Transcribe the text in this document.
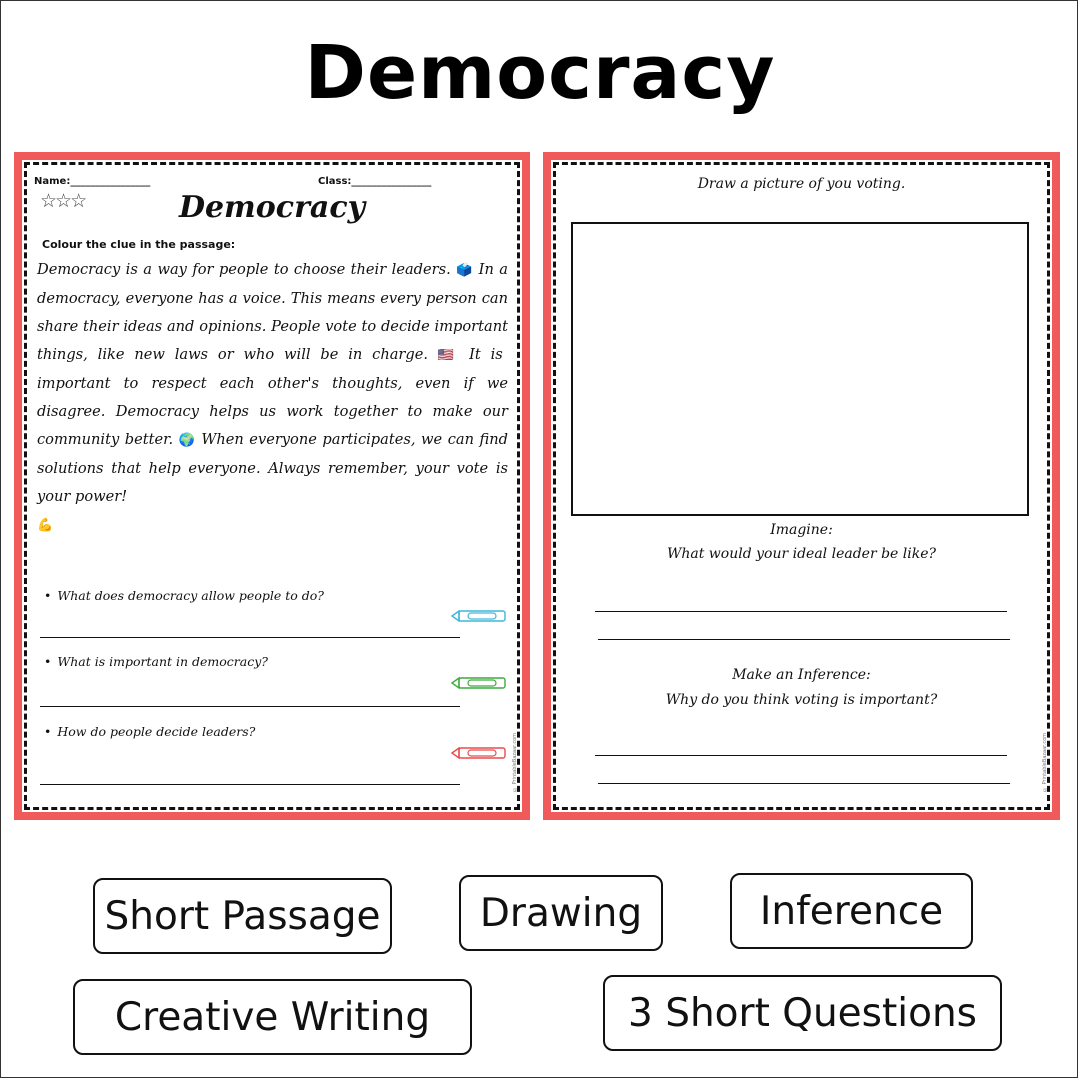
Democracy
Name:________________	Class:________________
☆☆☆	Democracy
Colour the clue in the passage:
Democracy is a way for people to choose their leaders. 🗳️ In a democracy, everyone has a voice. This means every person can share their ideas and opinions. People vote to decide important things, like new laws or who will be in charge. 🇺🇸 It is important to respect each other's thoughts, even if we disagree. Democracy helps us work together to make our community better. 🌍 When everyone participates, we can find solutions that help everyone. Always remember, your vote is your power!
💪
• What does democracy allow people to do?
• What is important in democracy?
• How do people decide leaders?
© PrintableBazaar.com
Draw a picture of you voting.
Imagine:
What would your ideal leader be like?
Make an Inference:
Why do you think voting is important?
© PrintableBazaar.com
Short Passage	Drawing	Inference
Creative Writing	3 Short Questions
